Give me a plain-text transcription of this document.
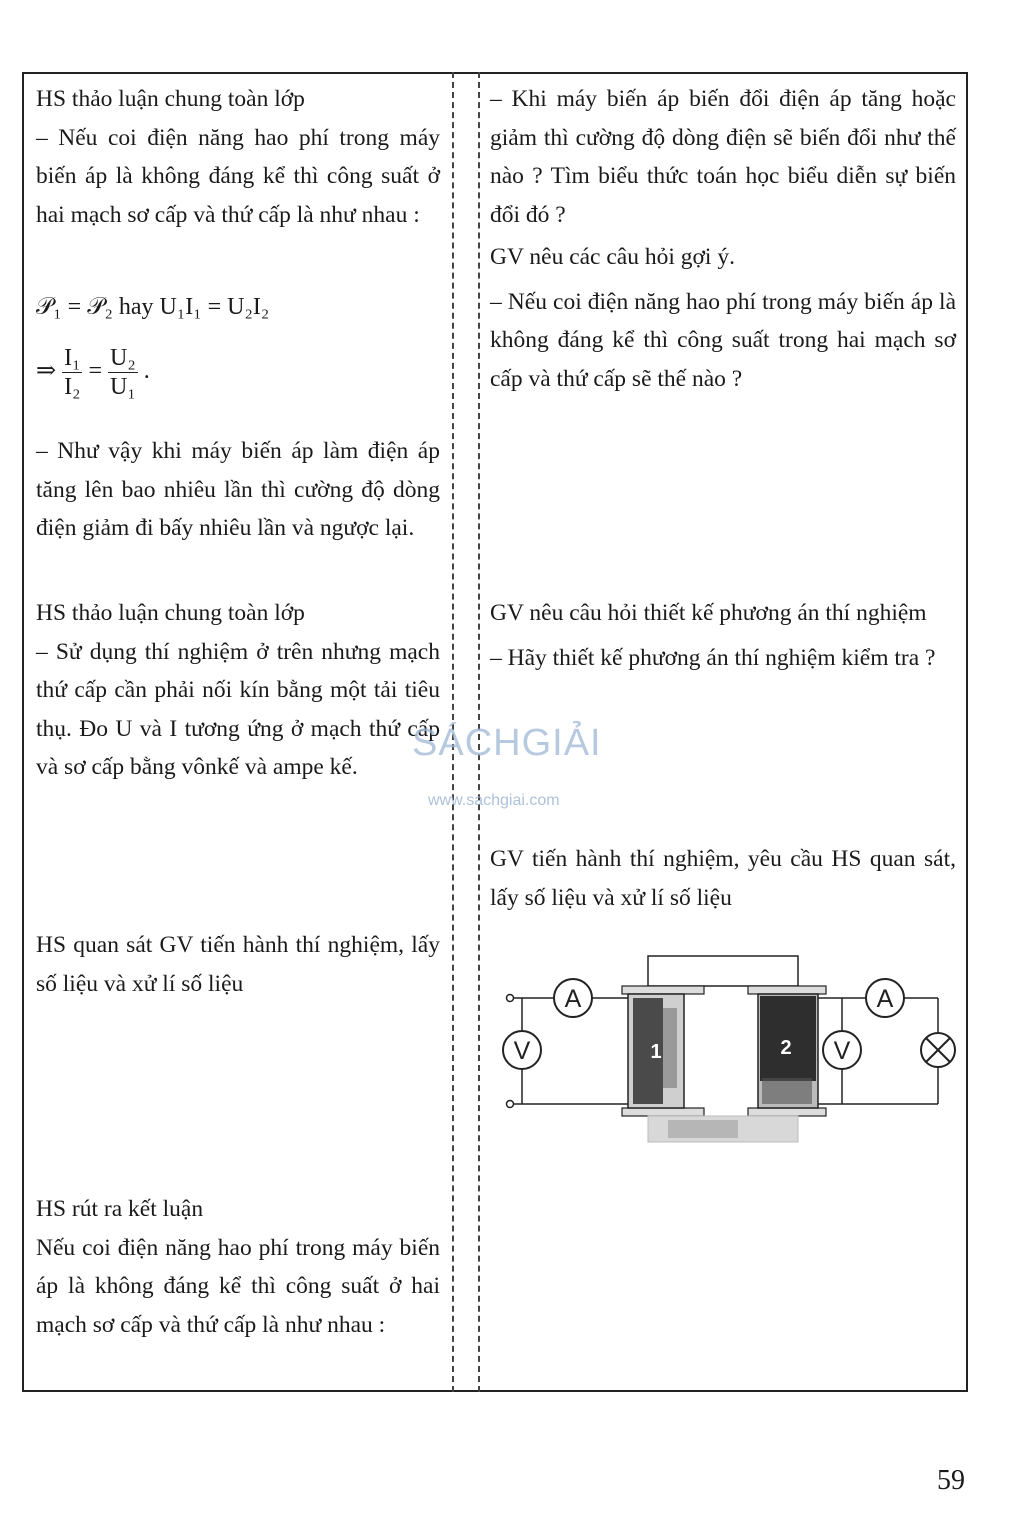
HS thảo luận chung toàn lớp

– Nếu coi điện năng hao phí trong máy biến áp là không đáng kể thì công suất ở hai mạch sơ cấp và thứ cấp là như nhau :

𝒫₁ = 𝒫₂ hay U₁I₁ = U₂I₂
⇒ $\frac{\text{I₁}}{\text{I₂}} = \frac{\text{U₂}}{\text{U₁}}$ .
– Như vậy khi máy biến áp làm điện áp tăng lên bao nhiêu lần thì cường độ dòng điện giảm đi bấy nhiêu lần và ngược lại.

HS thảo luận chung toàn lớp

– Sử dụng thí nghiệm ở trên nhưng mạch thứ cấp cần phải nối kín bằng một tải tiêu thụ. Đo U và I tương ứng ở mạch thứ cấp và sơ cấp bằng vônkế và ampe kế.

HS quan sát GV tiến hành thí nghiệm, lấy số liệu và xử lí số liệu

HS rút ra kết luận

Nếu coi điện năng hao phí trong máy biến áp là không đáng kể thì công suất ở hai mạch sơ cấp và thứ cấp là như nhau :

– Khi máy biến áp biến đổi điện áp tăng hoặc giảm thì cường độ dòng điện sẽ biến đổi như thế nào ? Tìm biểu thức toán học biểu diễn sự biến đổi đó ?

GV nêu các câu hỏi gợi ý.

– Nếu coi điện năng hao phí trong máy biến áp là không đáng kể thì công suất trong hai mạch sơ cấp và thứ cấp sẽ thế nào ?

GV nêu câu hỏi thiết kế phương án thí nghiệm

– Hãy thiết kế phương án thí nghiệm kiểm tra ?

GV tiến hành thí nghiệm, yêu cầu HS quan sát, lấy số liệu và xử lí số liệu
1	2
A
V
A
V
SÁCHGIẢI
www.sachgiai.com
59
